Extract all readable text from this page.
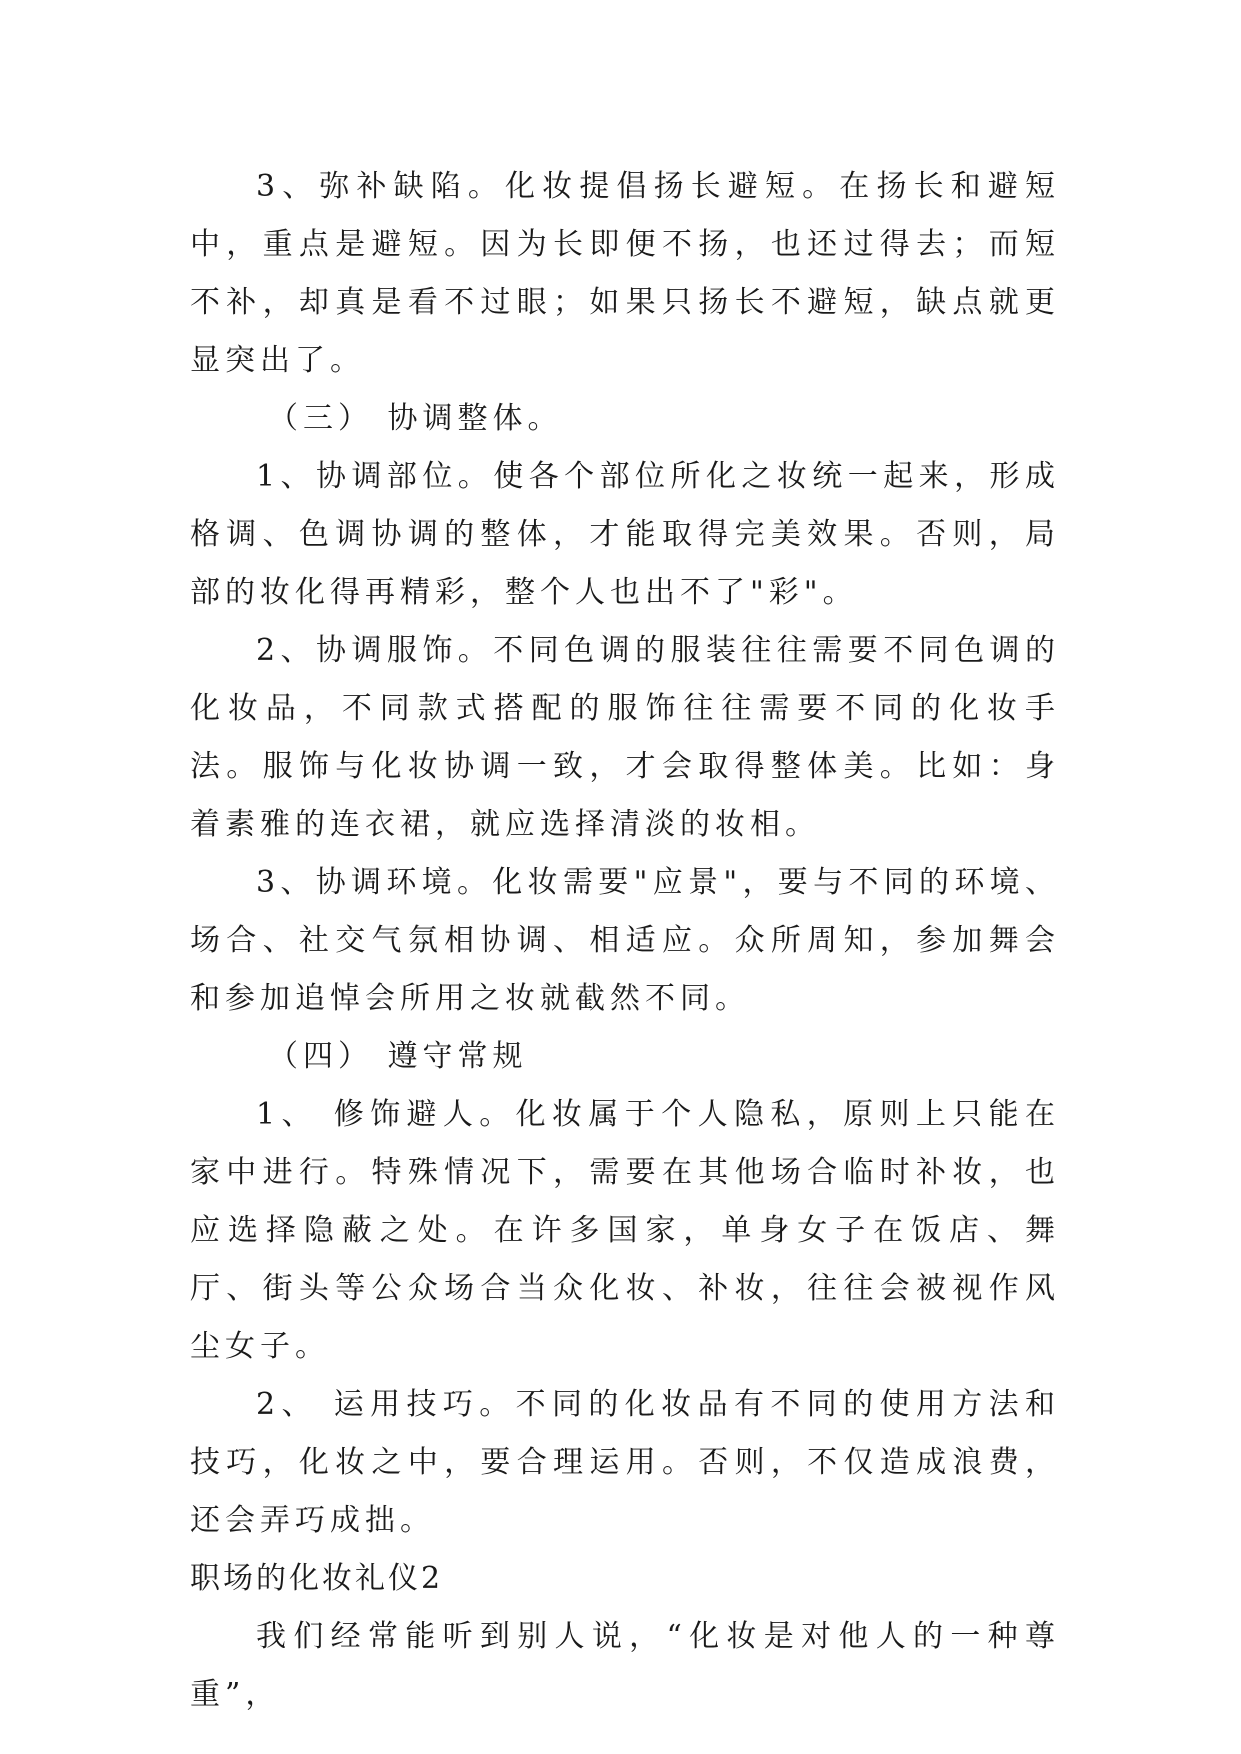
3、弥补缺陷。化妆提倡扬长避短。在扬长和避短中，重点是避短。因为长即便不扬，也还过得去；而短不补，却真是看不过眼；如果只扬长不避短，缺点就更显突出了。

（三） 协调整体。

1、协调部位。使各个部位所化之妆统一起来，形成格调、色调协调的整体，才能取得完美效果。否则，局部的妆化得再精彩，整个人也出不了"彩"。

2、协调服饰。不同色调的服装往往需要不同色调的化妆品，不同款式搭配的服饰往往需要不同的化妆手法。服饰与化妆协调一致，才会取得整体美。比如：身着素雅的连衣裙，就应选择清淡的妆相。

3、协调环境。化妆需要"应景"，要与不同的环境、场合、社交气氛相协调、相适应。众所周知，参加舞会和参加追悼会所用之妆就截然不同。

（四） 遵守常规

1、 修饰避人。化妆属于个人隐私，原则上只能在家中进行。特殊情况下，需要在其他场合临时补妆，也应选择隐蔽之处。在许多国家，单身女子在饭店、舞厅、街头等公众场合当众化妆、补妆，往往会被视作风尘女子。

2、 运用技巧。不同的化妆品有不同的使用方法和技巧，化妆之中，要合理运用。否则，不仅造成浪费，还会弄巧成拙。

职场的化妆礼仪2

我们经常能听到别人说，“化妆是对他人的一种尊重”，
